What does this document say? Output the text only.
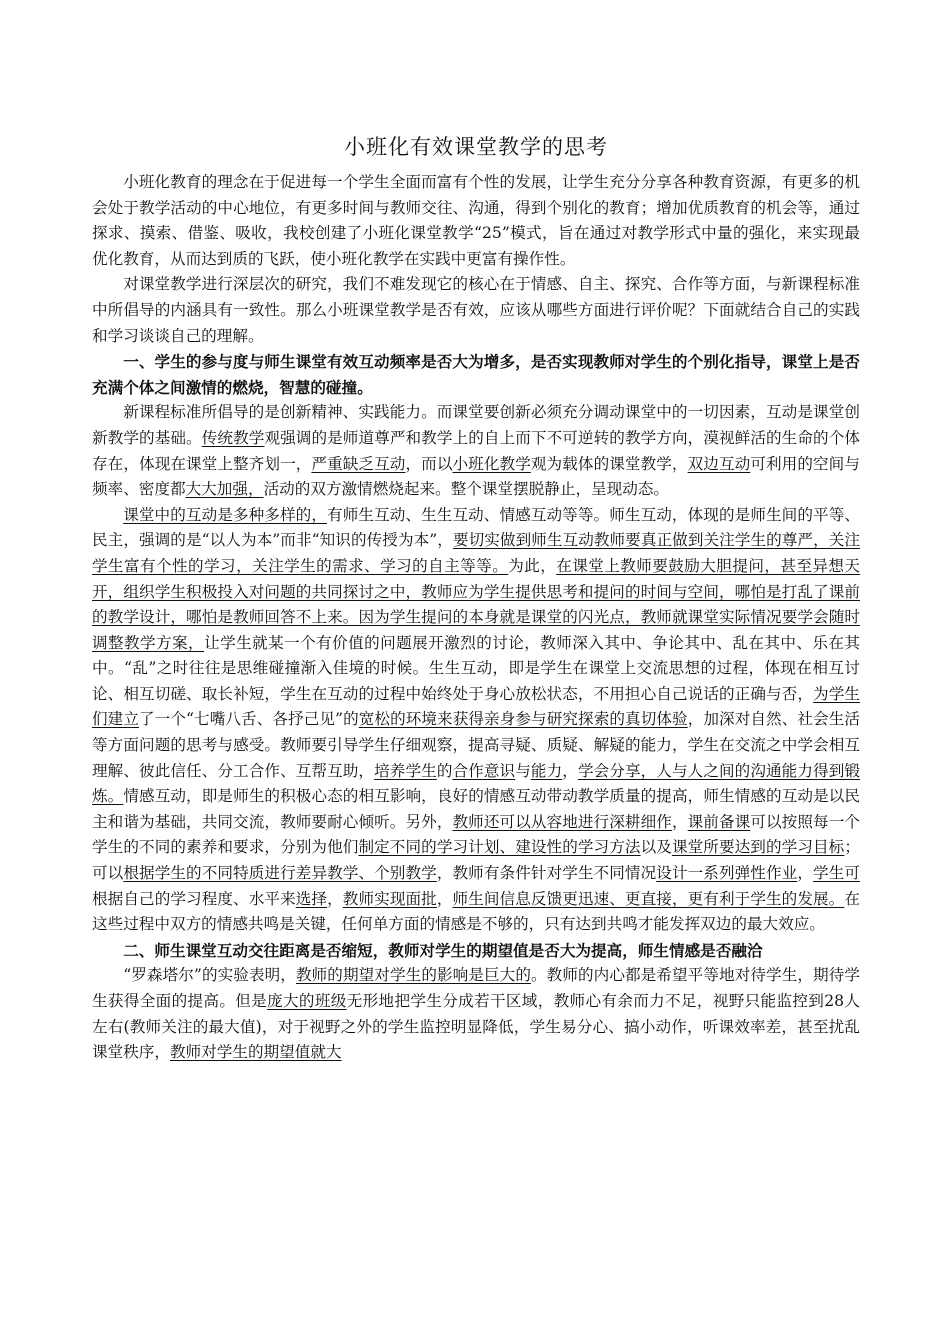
小班化有效课堂教学的思考

小班化教育的理念在于促进每一个学生全面而富有个性的发展，让学生充分分享各种教育资源，有更多的机会处于教学活动的中心地位，有更多时间与教师交往、沟通，得到个别化的教育；增加优质教育的机会等，通过探求、摸索、借鉴、吸收，我校创建了小班化课堂教学“25”模式，旨在通过对教学形式中量的强化，来实现最优化教育，从而达到质的飞跃，使小班化教学在实践中更富有操作性。

对课堂教学进行深层次的研究，我们不难发现它的核心在于情感、自主、探究、合作等方面，与新课程标准中所倡导的内涵具有一致性。那么小班课堂教学是否有效，应该从哪些方面进行评价呢？下面就结合自己的实践和学习谈谈自己的理解。

一、学生的参与度与师生课堂有效互动频率是否大为增多，是否实现教师对学生的个别化指导，课堂上是否充满个体之间激情的燃烧，智慧的碰撞。

新课程标准所倡导的是创新精神、实践能力。而课堂要创新必须充分调动课堂中的一切因素，互动是课堂创新教学的基础。传统教学观强调的是师道尊严和教学上的自上而下不可逆转的教学方向，漠视鲜活的生命的个体存在，体现在课堂上整齐划一，严重缺乏互动，而以小班化教学观为载体的课堂教学，双边互动可利用的空间与频率、密度都大大加强，活动的双方激情燃烧起来。整个课堂摆脱静止，呈现动态。

课堂中的互动是多种多样的，有师生互动、生生互动、情感互动等等。师生互动，体现的是师生间的平等、民主，强调的是“以人为本”而非“知识的传授为本”，要切实做到师生互动教师要真正做到关注学生的尊严，关注学生富有个性的学习，关注学生的需求、学习的自主等等。为此，在课堂上教师要鼓励大胆提问，甚至异想天开，组织学生积极投入对问题的共同探讨之中，教师应为学生提供思考和提问的时间与空间，哪怕是打乱了课前的教学设计，哪怕是教师回答不上来。因为学生提问的本身就是课堂的闪光点，教师就课堂实际情况要学会随时调整教学方案，让学生就某一个有价值的问题展开激烈的讨论，教师深入其中、争论其中、乱在其中、乐在其中。“乱”之时往往是思维碰撞渐入佳境的时候。生生互动，即是学生在课堂上交流思想的过程，体现在相互讨论、相互切磋、取长补短，学生在互动的过程中始终处于身心放松状态，不用担心自己说话的正确与否，为学生们建立了一个“七嘴八舌、各抒己见”的宽松的环境来获得亲身参与研究探索的真切体验，加深对自然、社会生活等方面问题的思考与感受。教师要引导学生仔细观察，提高寻疑、质疑、解疑的能力，学生在交流之中学会相互理解、彼此信任、分工合作、互帮互助，培养学生的合作意识与能力，学会分享，人与人之间的沟通能力得到锻炼。情感互动，即是师生的积极心态的相互影响，良好的情感互动带动教学质量的提高，师生情感的互动是以民主和谐为基础，共同交流，教师要耐心倾听。另外，教师还可以从容地进行深耕细作，课前备课可以按照每一个学生的不同的素养和要求，分别为他们制定不同的学习计划、建设性的学习方法以及课堂所要达到的学习目标；可以根据学生的不同特质进行差异教学、个别教学，教师有条件针对学生不同情况设计一系列弹性作业，学生可根据自己的学习程度、水平来选择，教师实现面批，师生间信息反馈更迅速、更直接，更有利于学生的发展。在这些过程中双方的情感共鸣是关键，任何单方面的情感是不够的，只有达到共鸣才能发挥双边的最大效应。

二、师生课堂互动交往距离是否缩短，教师对学生的期望值是否大为提高，师生情感是否融洽

“罗森塔尔”的实验表明，教师的期望对学生的影响是巨大的。教师的内心都是希望平等地对待学生，期待学生获得全面的提高。但是庞大的班级无形地把学生分成若干区域，教师心有余而力不足，视野只能监控到28人左右(教师关注的最大值)，对于视野之外的学生监控明显降低，学生易分心、搞小动作，听课效率差，甚至扰乱课堂秩序，教师对学生的期望值就大
